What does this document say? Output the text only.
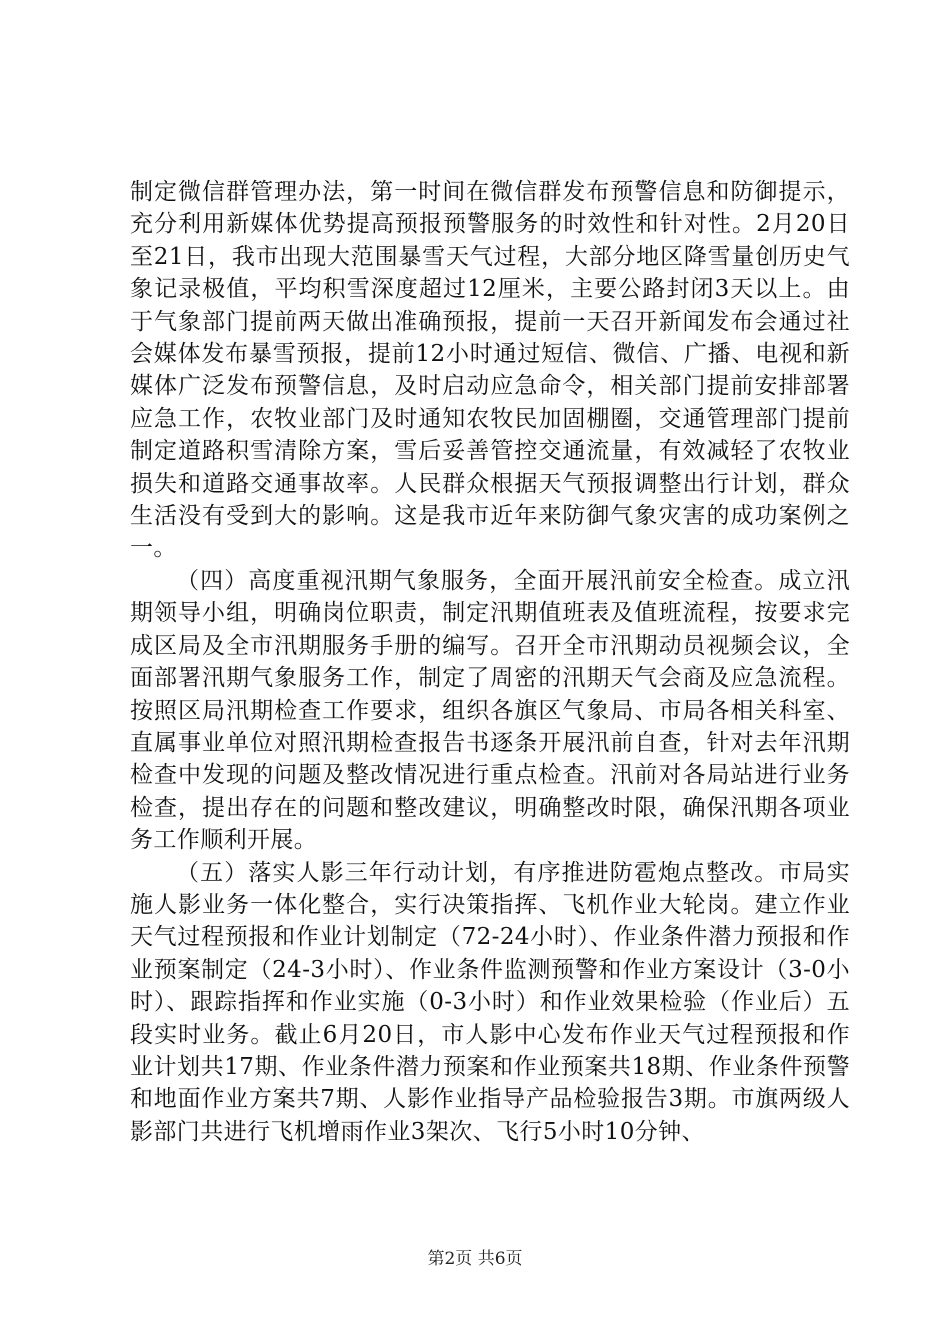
制定微信群管理办法，第一时间在微信群发布预警信息和防御提示，充分利用新媒体优势提高预报预警服务的时效性和针对性。2月20日至21日，我市出现大范围暴雪天气过程，大部分地区降雪量创历史气象记录极值，平均积雪深度超过12厘米，主要公路封闭3天以上。由于气象部门提前两天做出准确预报，提前一天召开新闻发布会通过社会媒体发布暴雪预报，提前12小时通过短信、微信、广播、电视和新媒体广泛发布预警信息，及时启动应急命令，相关部门提前安排部署应急工作，农牧业部门及时通知农牧民加固棚圈，交通管理部门提前制定道路积雪清除方案，雪后妥善管控交通流量，有效减轻了农牧业损失和道路交通事故率。人民群众根据天气预报调整出行计划，群众生活没有受到大的影响。这是我市近年来防御气象灾害的成功案例之一。

（四）高度重视汛期气象服务，全面开展汛前安全检查。成立汛期领导小组，明确岗位职责，制定汛期值班表及值班流程，按要求完成区局及全市汛期服务手册的编写。召开全市汛期动员视频会议，全面部署汛期气象服务工作，制定了周密的汛期天气会商及应急流程。按照区局汛期检查工作要求，组织各旗区气象局、市局各相关科室、直属事业单位对照汛期检查报告书逐条开展汛前自查，针对去年汛期检查中发现的问题及整改情况进行重点检查。汛前对各局站进行业务检查，提出存在的问题和整改建议，明确整改时限，确保汛期各项业务工作顺利开展。

（五）落实人影三年行动计划，有序推进防雹炮点整改。市局实施人影业务一体化整合，实行决策指挥、飞机作业大轮岗。建立作业天气过程预报和作业计划制定（72-24小时）、作业条件潜力预报和作业预案制定（24-3小时）、作业条件监测预警和作业方案设计（3-0小时）、跟踪指挥和作业实施（0-3小时）和作业效果检验（作业后）五段实时业务。截止6月20日，市人影中心发布作业天气过程预报和作业计划共17期、作业条件潜力预案和作业预案共18期、作业条件预警和地面作业方案共7期、人影作业指导产品检验报告3期。市旗两级人影部门共进行飞机增雨作业3架次、飞行5小时10分钟、

第2页 共6页
